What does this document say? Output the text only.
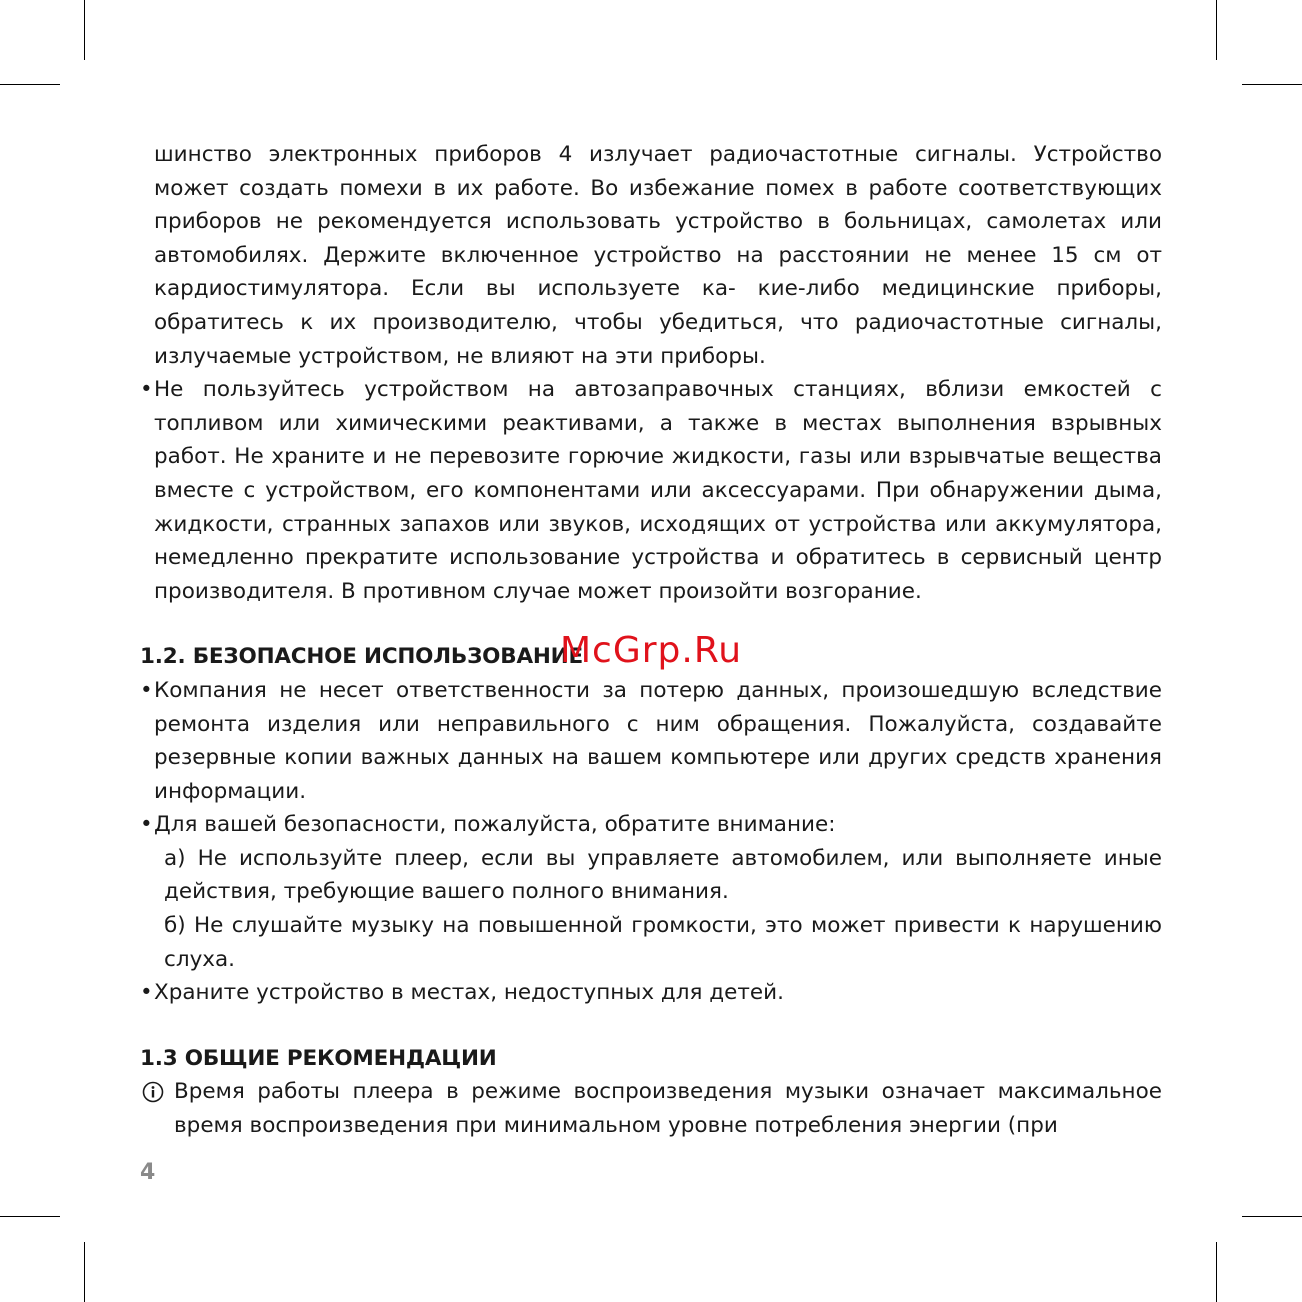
шинство электронных приборов 4 излучает радиочастотные сигналы. Устройство может создать помехи в их работе. Во избежание помех в работе соответствующих приборов не рекомендуется использовать устройство в больницах, самолетах или автомобилях. Держите включенное устройство на расстоянии не менее 15 см от кардиостимулятора. Если вы используете ка- кие-либо медицинские приборы, обратитесь к их производителю, чтобы убедиться, что радиочастотные сигналы, излучаемые устройством, не влияют на эти приборы.

• Не пользуйтесь устройством на автозаправочных станциях, вблизи емкостей с топливом или химическими реактивами, а также в местах выполнения взрывных работ. Не храните и не перевозите горючие жидкости, газы или взрывчатые вещества вместе с устройством, его компонентами или аксессуарами. При обнаружении дыма, жидкости, странных запахов или звуков, исходящих от устройства или аккумулятора, немедленно прекратите использование устройства и обратитесь в сервисный центр производителя. В противном случае может произойти возгорание.

1.2. БЕЗОПАСНОЕ ИСПОЛЬЗОВАНИЕ

• Компания не несет ответственности за потерю данных, произошедшую вследствие ремонта изделия или неправильного с ним обращения. Пожалуйста, создавайте резервные копии важных данных на вашем компьютере или других средств хранения информации.

• Для вашей безопасности, пожалуйста, обратите внимание:

а) Не используйте плеер, если вы управляете автомобилем, или выполняете иные действия, требующие вашего полного внимания.

б) Не слушайте музыку на повышенной громкости, это может привести к нарушению слуха.

• Храните устройство в местах, недоступных для детей.

1.3 ОБЩИЕ РЕКОМЕНДАЦИИ

Время работы плеера в режиме воспроизведения музыки означает максимальное время воспроизведения при минимальном уровне потребления энергии (при

4
McGrp.Ru
